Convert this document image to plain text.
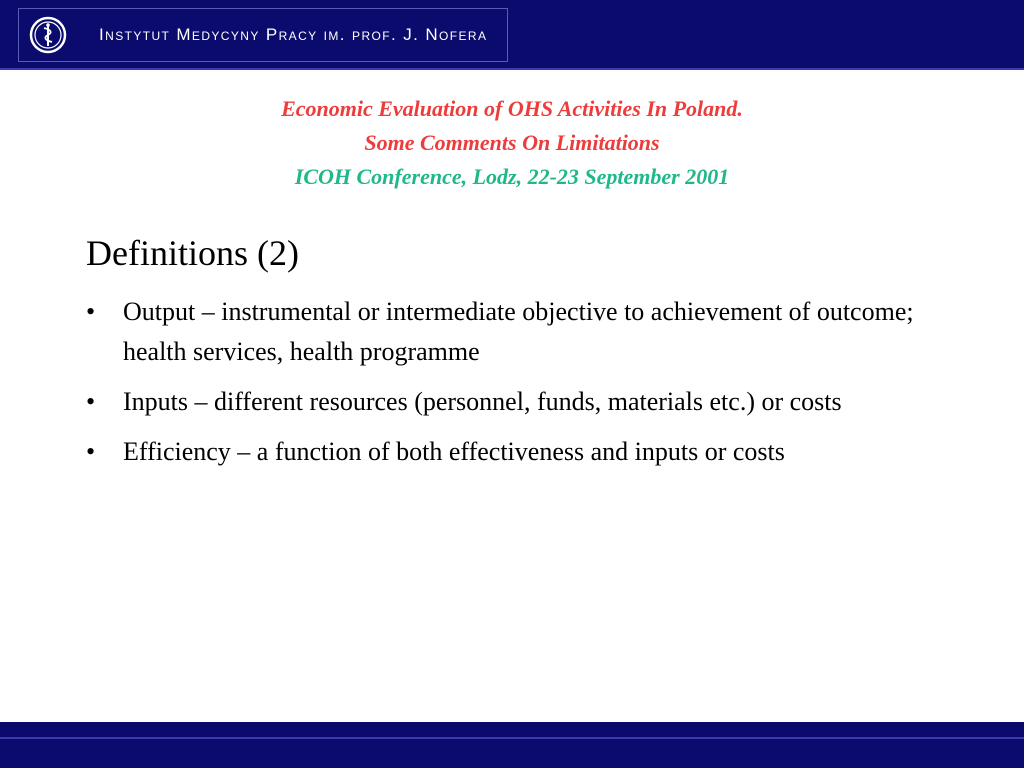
Instytut Medycyny Pracy im. prof. J. Nofera
Economic Evaluation of OHS Activities In Poland.
Some Comments On Limitations
ICOH Conference, Lodz, 22-23 September 2001
Definitions (2)
• Output – instrumental or intermediate objective to achievement of outcome; health services, health programme
• Inputs – different resources (personnel, funds, materials etc.) or costs
• Efficiency – a function of both effectiveness and inputs or costs
